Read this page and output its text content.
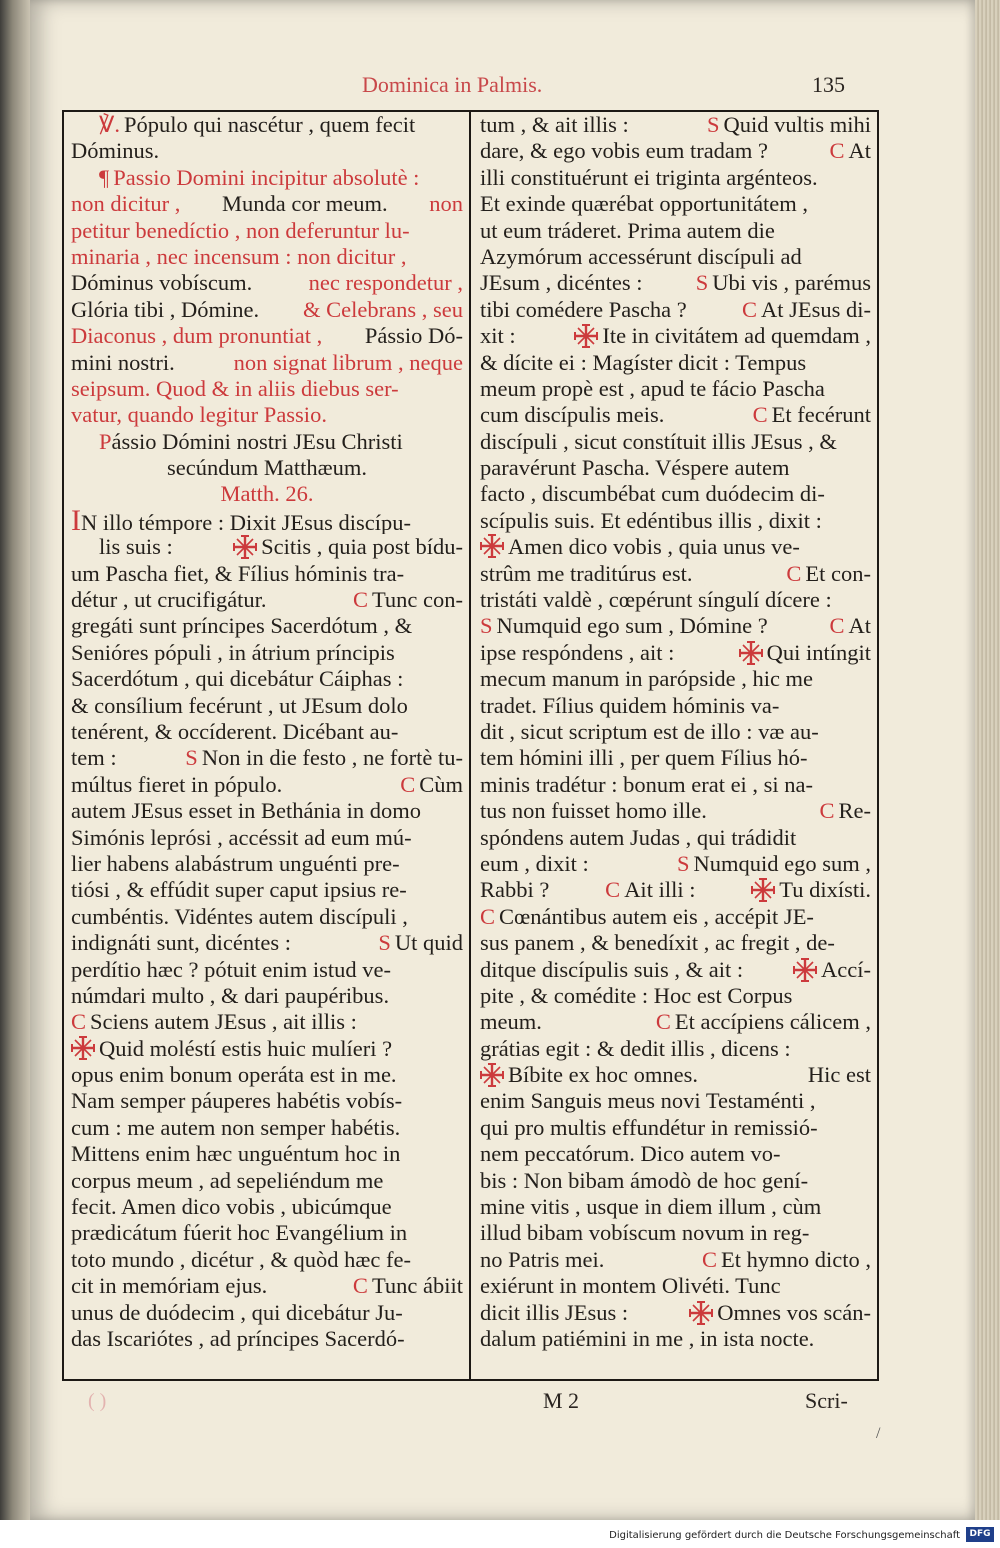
Dominica in Palmis.	135
℣. Pópulo qui nascétur , quem fecit
Dóminus.
¶ Passio Domini incipitur absolutè :
non dicitur , Munda cor meum. non
petitur benedíctio , non deferuntur lu-
minaria , nec incensum : non dicitur ,
Dóminus vobíscum.	nec respondetur ,
Glória tibi , Dómine. & Celebrans , seu
Diaconus , dum pronuntiat , Pássio Dó-
mini nostri.	non signat librum , neque
seipsum. Quod & in aliis diebus ser-
vatur, quando legitur Passio.
Pássio Dómini nostri JEsu Christi
secúndum Matthæum.
Matth. 26.
IN illo témpore : Dixit JEsus discípu-
lis suis :	Scitis , quia post bídu-
um Pascha fiet, & Fílius hóminis tra-
détur , ut crucifigátur.	C Tunc con-
gregáti sunt príncipes Sacerdótum , &
Senióres pópuli , in átrium príncipis
Sacerdótum , qui dicebátur Cáiphas :
& consílium fecérunt , ut JEsum dolo
tenérent, & occíderent. Dicébant au-
tem :	S Non in die festo , ne fortè tu-
múltus fieret in pópulo.	C Cùm
autem JEsus esset in Bethánia in domo
Simónis leprósi , accéssit ad eum mú-
lier habens alabástrum unguénti pre-
tiósi , & effúdit super caput ipsius re-
cumbéntis. Vidéntes autem discípuli ,
indignáti sunt, dicéntes :	S Ut quid
perdítio hæc ? pótuit enim istud ve-
númdari multo , & dari paupéribus.
C Sciens autem JEsus , ait illis :
Quid moléstí estis huic mulíeri ?
opus enim bonum operáta est in me.
Nam semper páuperes habétis vobís-
cum : me autem non semper habétis.
Mittens enim hæc unguéntum hoc in
corpus meum , ad sepeliéndum me
fecit. Amen dico vobis , ubicúmque
prædicátum fúerit hoc Evangélium in
toto mundo , dicétur , & quòd hæc fe-
cit in memóriam ejus.	C Tunc ábiit
unus de duódecim , qui dicebátur Ju-
das Iscariótes , ad príncipes Sacerdó-
tum , & ait illis :	S Quid vultis mihi
dare, & ego vobis eum tradam ?	C At
illi constituérunt ei triginta argénteos.
Et exinde quærébat opportunitátem ,
ut eum tráderet. Prima autem die
Azymórum accessérunt discípuli ad
JEsum , dicéntes : S Ubi vis , parémus
tibi comédere Pascha ? C At JEsus di-
xit :	Ite in civitátem ad quemdam ,
& dícite ei : Magíster dicit : Tempus
meum propè est , apud te fácio Pascha
cum discípulis meis.	C Et fecérunt
discípuli , sicut constítuit illis JEsus , &
paravérunt Pascha. Véspere autem
facto , discumbébat cum duódecim di-
scípulis suis. Et edéntibus illis , dixit :
Amen dico vobis , quia unus ve-
strûm me traditúrus est.	C Et con-
tristáti valdè , cœpérunt síngulí dícere :
S Numquid ego sum , Dómine ?	C At
ipse respóndens , ait :	Qui intíngit
mecum manum in parópside , hic me
tradet. Fílius quidem hóminis va-
dit , sicut scriptum est de illo : væ au-
tem hómini illi , per quem Fílius hó-
minis tradétur : bonum erat ei , si na-
tus non fuisset homo ille.	C Re-
spóndens autem Judas , qui trádidit
eum , dixit :	S Numquid ego sum ,
Rabbi ? C Ait illi :	Tu dixísti.
C Cœnántibus autem eis , accépit JE-
sus panem , & benedíxit , ac fregit , de-
ditque discípulis suis , & ait :	Accí-
pite , & comédite : Hoc est Corpus
meum.	C Et accípiens cálicem ,
grátias egit : & dedit illis , dicens :
Bíbite ex hoc omnes.	Hic est
enim Sanguis meus novi Testaménti ,
qui pro multis effundétur in remissió-
nem peccatórum. Dico autem vo-
bis : Non bibam ámodò de hoc gení-
mine vitis , usque in diem illum , cùm
illud bibam vobíscum novum in reg-
no Patris mei.	C Et hymno dicto ,
exiérunt in montem Olivéti. Tunc
dicit illis JEsus :	Omnes vos scán-
dalum patiémini in me , in ista nocte.
( )	M 2	Scri-
/
Digitalisierung gefördert durch die Deutsche Forschungsgemeinschaft	DFG
